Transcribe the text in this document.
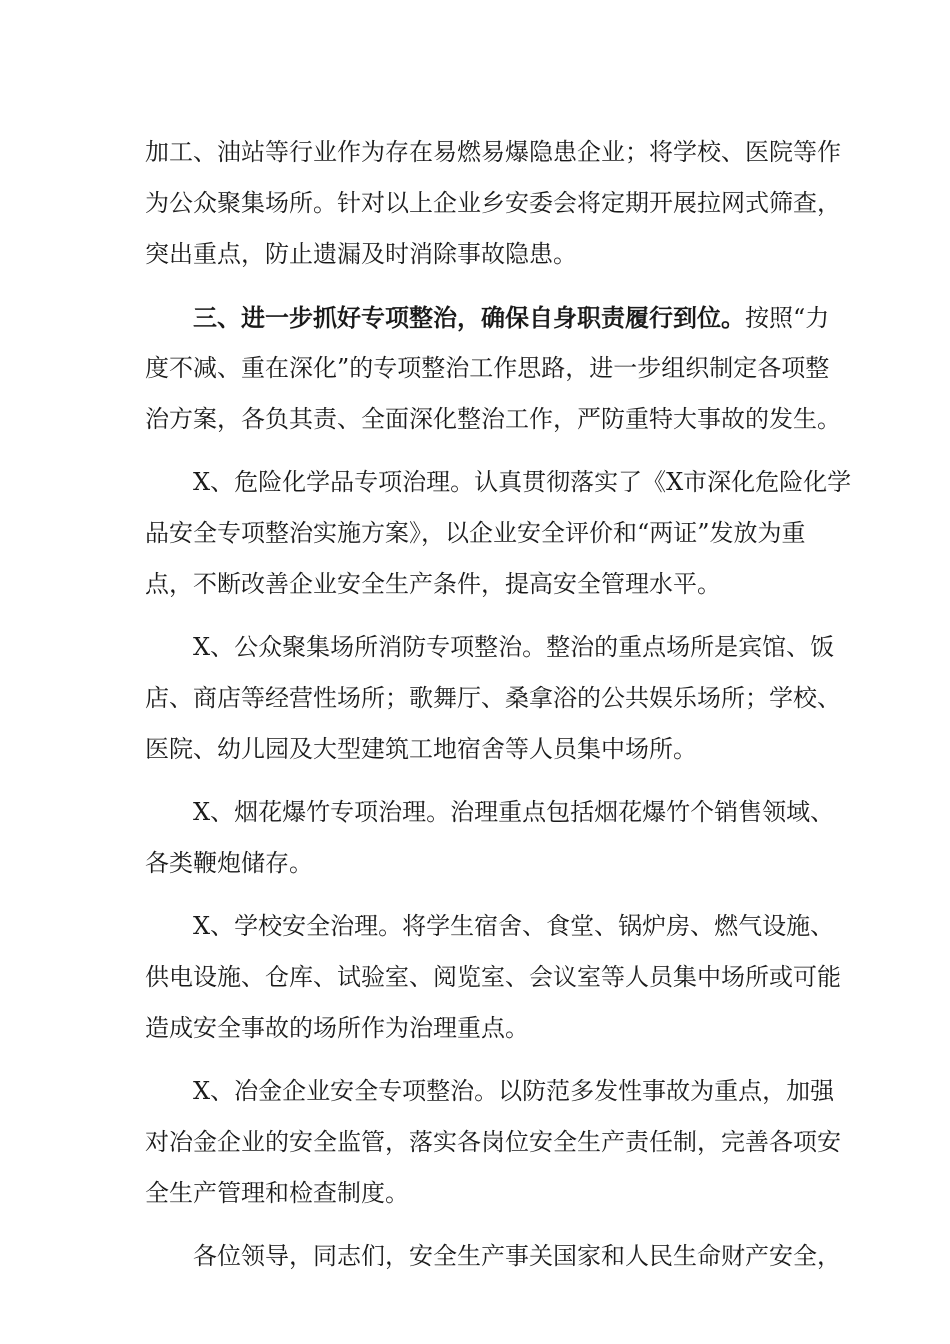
加工、油站等行业作为存在易燃易爆隐患企业；将学校、医院等作
为公众聚集场所。针对以上企业乡安委会将定期开展拉网式筛查，
突出重点，防止遗漏及时消除事故隐患。
三、进一步抓好专项整治，确保自身职责履行到位。按照“力
度不减、重在深化”的专项整治工作思路，进一步组织制定各项整
治方案，各负其责、全面深化整治工作，严防重特大事故的发生。
X、危险化学品专项治理。认真贯彻落实了《X市深化危险化学
品安全专项整治实施方案》，以企业安全评价和“两证”发放为重
点，不断改善企业安全生产条件，提高安全管理水平。
X、公众聚集场所消防专项整治。整治的重点场所是宾馆、饭
店、商店等经营性场所；歌舞厅、桑拿浴的公共娱乐场所；学校、
医院、幼儿园及大型建筑工地宿舍等人员集中场所。
X、烟花爆竹专项治理。治理重点包括烟花爆竹个销售领域、
各类鞭炮储存。
X、学校安全治理。将学生宿舍、食堂、锅炉房、燃气设施、
供电设施、仓库、试验室、阅览室、会议室等人员集中场所或可能
造成安全事故的场所作为治理重点。
X、冶金企业安全专项整治。以防范多发性事故为重点，加强
对冶金企业的安全监管，落实各岗位安全生产责任制，完善各项安
全生产管理和检查制度。
各位领导，同志们，安全生产事关国家和人民生命财产安全，
